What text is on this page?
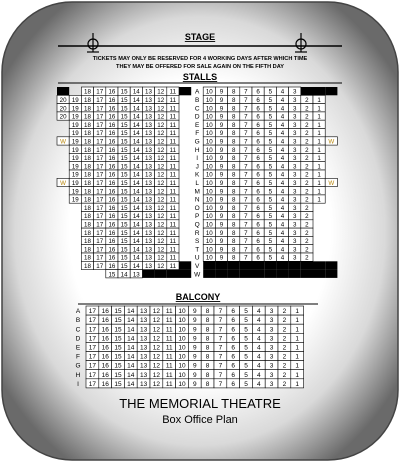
STAGE
TICKETS MAY ONLY BE RESERVED FOR 4 WORKING DAYS AFTER WHICH TIME
THEY MAY BE OFFERED FOR SALE AGAIN ON THE FIFTH DAY
STALLS
18 17 16 15 14 13 12 11	A 10 9 8 7 6 5 4 3
20 19 18 17 16 15 14 13 12 11	B 10 9 8 7 6 5 4 3 2 1
20 19 18 17 16 15 14 13 12 11	C 10 9 8 7 6 5 4 3 2 1
20 19 18 17 16 15 14 13 12 11	D 10 9 8 7 6 5 4 3 2 1
19 18 17 16 15 14 13 12 11	E 10 9 8 7 6 5 4 3 2 1
19 18 17 16 15 14 13 12 11	F 10 9 8 7 6 5 4 3 2 1
W 19 18 17 16 15 14 13 12 11	G 10 9 8 7 6 5 4 3 2 1 W
19 18 17 16 15 14 13 12 11	H 10 9 8 7 6 5 4 3 2 1
19 18 17 16 15 14 13 12 11	I 10 9 8 7 6 5 4 3 2 1
19 18 17 16 15 14 13 12 11	J 10 9 8 7 6 5 4 3 2 1
19 18 17 16 15 14 13 12 11	K 10 9 8 7 6 5 4 3 2 1
W 19 18 17 16 15 14 13 12 11	L 10 9 8 7 6 5 4 3 2 1 W
19 18 17 16 15 14 13 12 11	M 10 9 8 7 6 5 4 3 2 1
19 18 17 16 15 14 13 12 11	N 10 9 8 7 6 5 4 3 2 1
18 17 16 15 14 13 12 11	O 10 9 8 7 6 5 4 3 2
18 17 16 15 14 13 12 11	P 10 9 8 7 6 5 4 3 2
18 17 16 15 14 13 12 11	Q 10 9 8 7 6 5 4 3 2
18 17 16 15 14 13 12 11	R 10 9 8 7 6 5 4 3 2
18 17 16 15 14 13 12 11	S 10 9 8 7 6 5 4 3 2
18 17 16 15 14 13 12 11	T 10 9 8 7 6 5 4 3 2
18 17 16 15 14 13 12 11	U 10 9 8 7 6 5 4 3 2
18 17 16 15 14 13 12 11	V
15 14 13	W
BALCONY
A 17 16 15 14 13 12 11 10 9 8 7 6 5 4 3 2 1
B 17 16 15 14 13 12 11 10 9 8 7 6 5 4 3 2 1
C 17 16 15 14 13 12 11 10 9 8 7 6 5 4 3 2 1
D 17 16 15 14 13 12 11 10 9 8 7 6 5 4 3 2 1
E 17 16 15 14 13 12 11 10 9 8 7 6 5 4 3 2 1
F 17 16 15 14 13 12 11 10 9 8 7 6 5 4 3 2 1
G 17 16 15 14 13 12 11 10 9 8 7 6 5 4 3 2 1
H 17 16 15 14 13 12 11 10 9 8 7 6 5 4 3 2 1
I 17 16 15 14 13 12 11 10 9 8 7 6 5 4 3 2 1
THE MEMORIAL THEATRE
Box Office Plan
